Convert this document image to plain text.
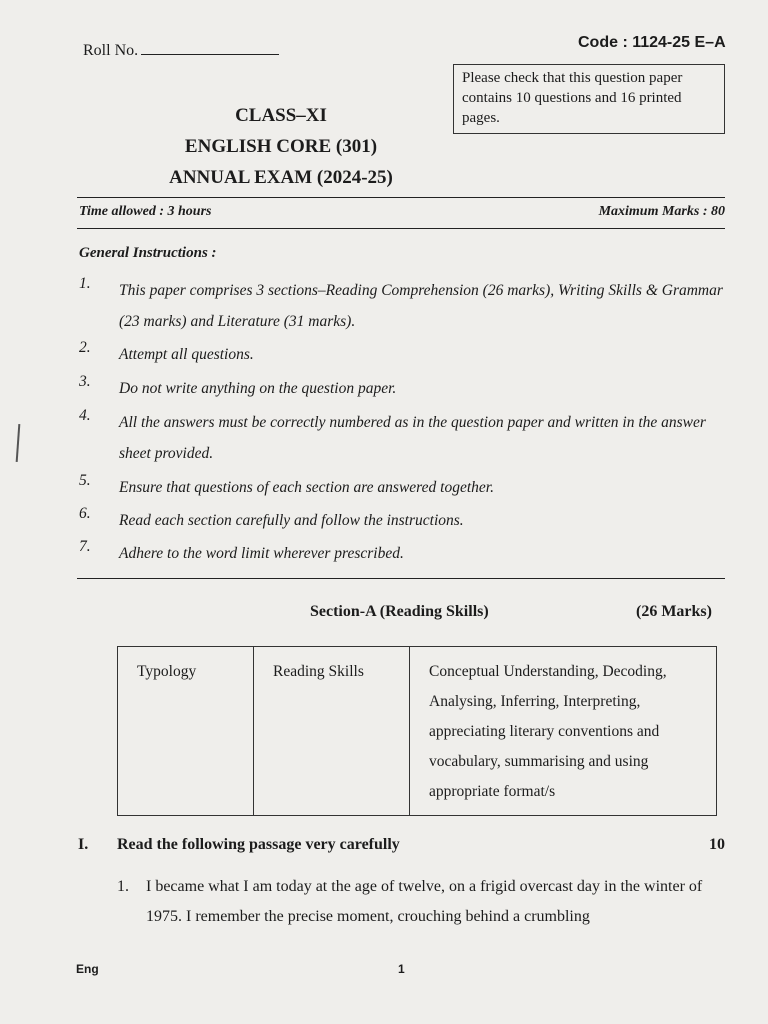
Roll No.	Code : 1124-25 E–A
Please check that this question paper contains 10 questions and 16 printed pages.
CLASS–XI
ENGLISH CORE (301)
ANNUAL EXAM (2024-25)
Time allowed : 3 hours	Maximum Marks : 80
General Instructions :
1. This paper comprises 3 sections–Reading Comprehension (26 marks), Writing Skills & Grammar (23 marks) and Literature (31 marks).
2. Attempt all questions.
3. Do not write anything on the question paper.
4. All the answers must be correctly numbered as in the question paper and written in the answer sheet provided.
5. Ensure that questions of each section are answered together.
6. Read each section carefully and follow the instructions.
7. Adhere to the word limit wherever prescribed.
Section-A (Reading Skills)	(26 Marks)
Typology	Reading Skills	Conceptual Understanding, Decoding, Analysing, Inferring, Interpreting, appreciating literary conventions and vocabulary, summarising and using appropriate format/s
I. Read the following passage very carefully	10
1. I became what I am today at the age of twelve, on a frigid overcast day in the winter of 1975. I remember the precise moment, crouching behind a crumbling
Eng	1
